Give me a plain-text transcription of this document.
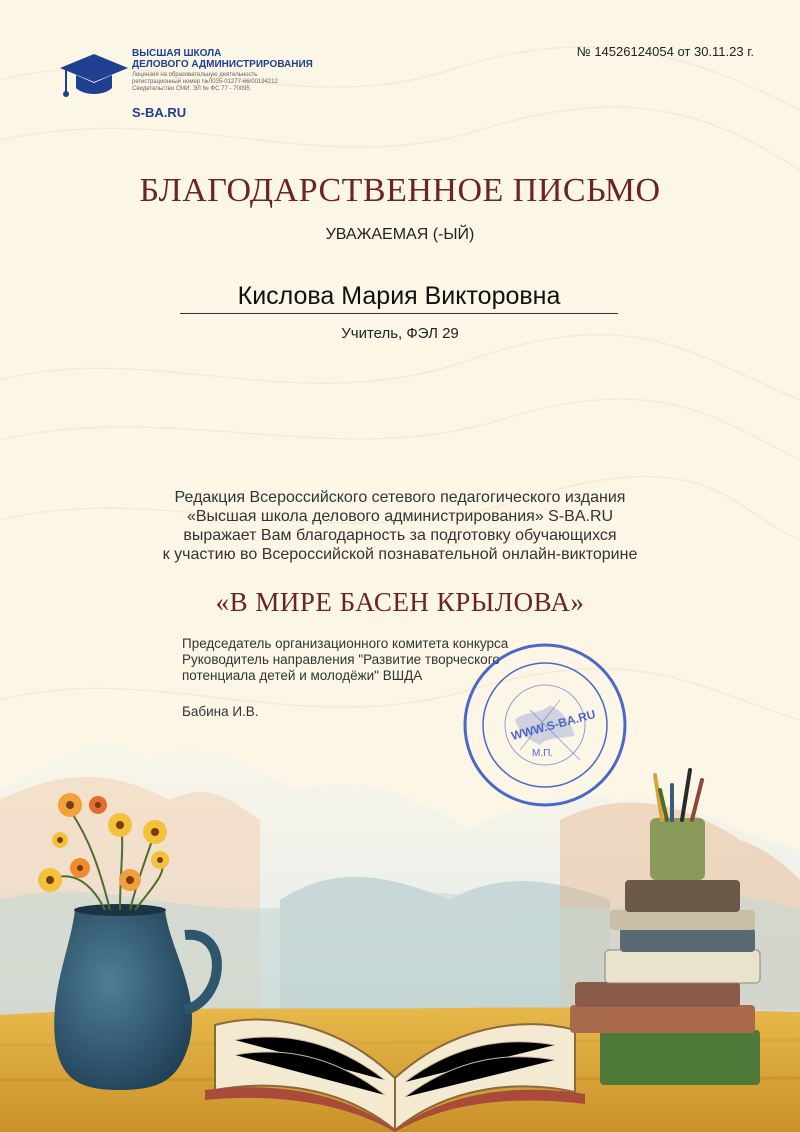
ВЫСШАЯ ШКОЛА
ДЕЛОВОГО АДМИНИСТРИРОВАНИЯ
Лицензия на образовательную деятельность
регистрационный номер №Л035-01277-66/00194212
Свидетельство СМИ: ЭЛ № ФС 77 - 70095
S-BA.RU
№ 14526124054 от 30.11.23 г.
БЛАГОДАРСТВЕННОЕ ПИСЬМО
УВАЖАЕМАЯ (-ЫЙ)
Кислова Мария Викторовна
Учитель, ФЭЛ 29
Редакция Всероссийского сетевого педагогического издания
«Высшая школа делового администрирования» S-BA.RU
выражает Вам благодарность за подготовку обучающихся
к участию во Всероссийской познавательной онлайн-викторине
«В МИРЕ БАСЕН КРЫЛОВА»
Председатель организационного комитета конкурса
Руководитель направления "Развитие творческого
потенциала детей и молодёжи" ВШДА
Бабина И.В.	WWW.S-BA.RU
М.П.
